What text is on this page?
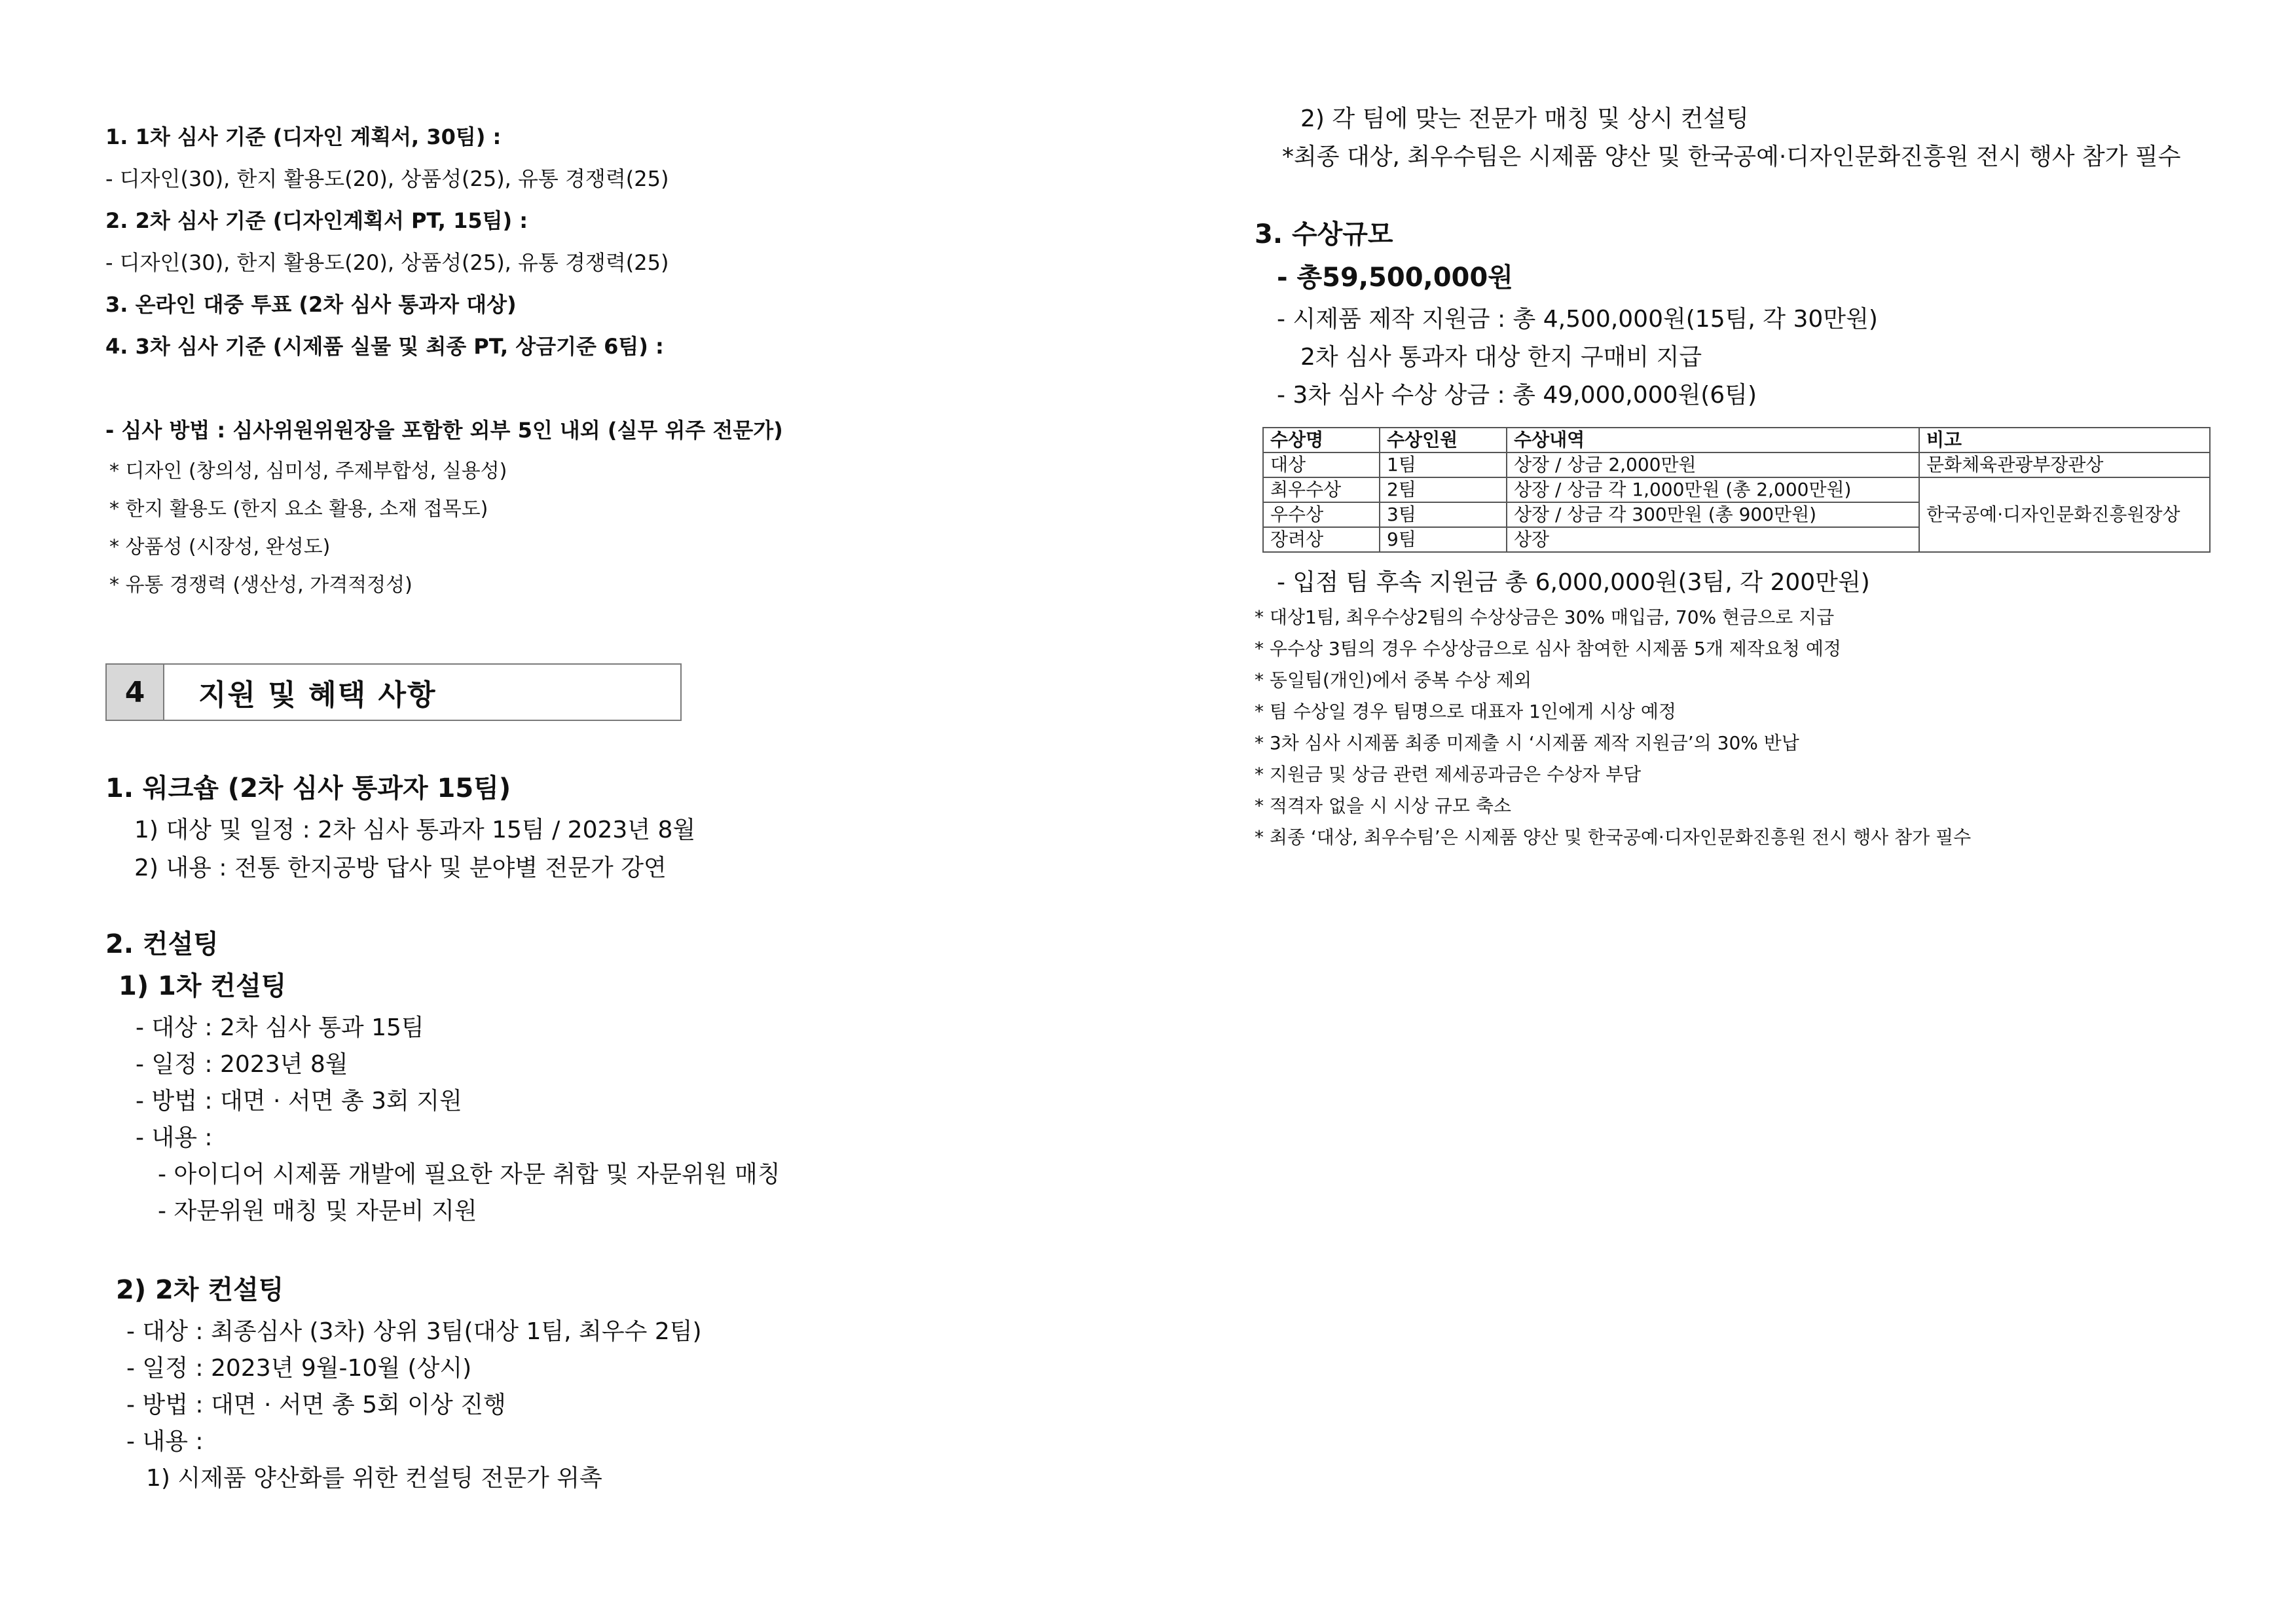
1. 1차 심사 기준 (디자인 계획서, 30팀) :
- 디자인(30), 한지 활용도(20), 상품성(25), 유통 경쟁력(25)
2. 2차 심사 기준 (디자인계획서 PT, 15팀) :
- 디자인(30), 한지 활용도(20), 상품성(25), 유통 경쟁력(25)
3. 온라인 대중 투표 (2차 심사 통과자 대상)
4. 3차 심사 기준 (시제품 실물 및 최종 PT, 상금기준 6팀) :
- 심사 방법 : 심사위원위원장을 포함한 외부 5인 내외 (실무 위주 전문가)
* 디자인 (창의성, 심미성, 주제부합성, 실용성)
* 한지 활용도 (한지 요소 활용, 소재 접목도)
* 상품성 (시장성, 완성도)
* 유통 경쟁력 (생산성, 가격적정성)
4	지원 및 혜택 사항
1. 워크숍 (2차 심사 통과자 15팀)
1) 대상 및 일정 : 2차 심사 통과자 15팀 / 2023년 8월
2) 내용 : 전통 한지공방 답사 및 분야별 전문가 강연
2. 컨설팅
1) 1차 컨설팅
- 대상 : 2차 심사 통과 15팀
- 일정 : 2023년 8월
- 방법 : 대면 · 서면 총 3회 지원
- 내용 :
- 아이디어 시제품 개발에 필요한 자문 취합 및 자문위원 매칭
- 자문위원 매칭 및 자문비 지원
2) 2차 컨설팅
- 대상 : 최종심사 (3차) 상위 3팀(대상 1팀, 최우수 2팀)
- 일정 : 2023년 9월-10월 (상시)
- 방법 : 대면 · 서면 총 5회 이상 진행
- 내용 :
1) 시제품 양산화를 위한 컨설팅 전문가 위촉
2) 각 팀에 맞는 전문가 매칭 및 상시 컨설팅
*최종 대상, 최우수팀은 시제품 양산 및 한국공예·디자인문화진흥원 전시 행사 참가 필수
3. 수상규모
- 총59,500,000원
- 시제품 제작 지원금 : 총 4,500,000원(15팀, 각 30만원)
2차 심사 통과자 대상 한지 구매비 지급
- 3차 심사 수상 상금 : 총 49,000,000원(6팀)
수상명	수상인원	수상내역	비고
대상	1팀	상장 / 상금 2,000만원	문화체육관광부장관상
최우수상	2팀	상장 / 상금 각 1,000만원 (총 2,000만원)	한국공예·디자인문화진흥원장상
우수상	3팀	상장 / 상금 각 300만원 (총 900만원)	
장려상	9팀	상장	
- 입점 팀 후속 지원금 총 6,000,000원(3팀, 각 200만원)
* 대상1팀, 최우수상2팀의 수상상금은 30% 매입금, 70% 현금으로 지급
* 우수상 3팀의 경우 수상상금으로 심사 참여한 시제품 5개 제작요청 예정
* 동일팀(개인)에서 중복 수상 제외
* 팀 수상일 경우 팀명으로 대표자 1인에게 시상 예정
* 3차 심사 시제품 최종 미제출 시 ‘시제품 제작 지원금’의 30% 반납
* 지원금 및 상금 관련 제세공과금은 수상자 부담
* 적격자 없을 시 시상 규모 축소
* 최종 ‘대상, 최우수팀’은 시제품 양산 및 한국공예·디자인문화진흥원 전시 행사 참가 필수
